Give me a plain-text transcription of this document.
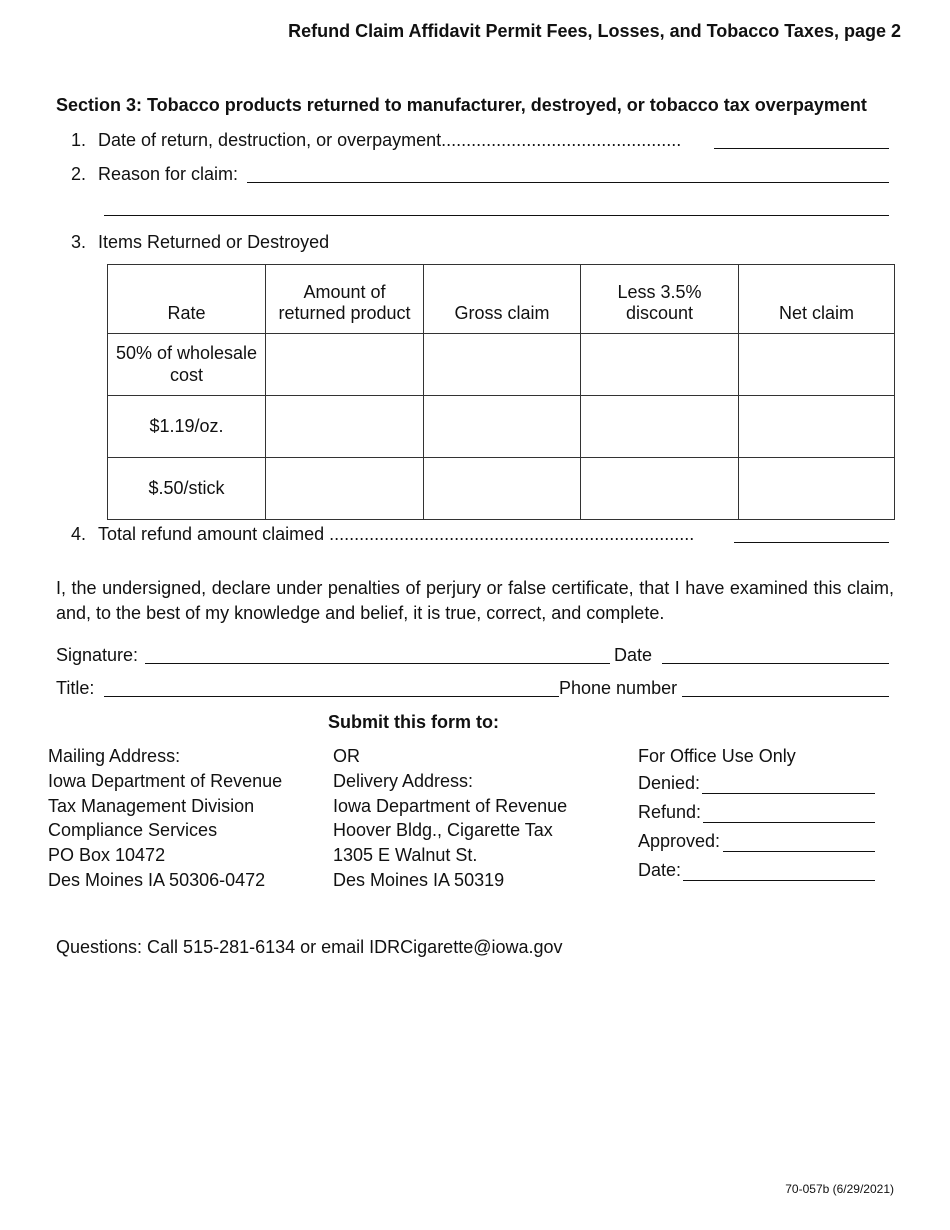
Refund Claim Affidavit Permit Fees, Losses, and Tobacco Taxes, page 2
Section 3: Tobacco products returned to manufacturer, destroyed, or tobacco tax overpayment
1. Date of return, destruction, or overpayment................................................
2. Reason for claim:
3. Items Returned or Destroyed
Rate	Amount of returned product	Gross claim	Less 3.5% discount	Net claim
50% of wholesale cost				
$1.19/oz.				
$.50/stick				
4. Total refund amount claimed .........................................................................
I, the undersigned, declare under penalties of perjury or false certificate, that I have examined this claim, and, to the best of my knowledge and belief, it is true, correct, and complete.
Signature:	Date
Title:	Phone number
Submit this form to:
Mailing Address:
Iowa Department of Revenue
Tax Management Division
Compliance Services
PO Box 10472
Des Moines IA 50306-0472
OR
Delivery Address:
Iowa Department of Revenue
Hoover Bldg., Cigarette Tax
1305 E Walnut St.
Des Moines IA 50319
For Office Use Only
Denied:
Refund:
Approved:
Date:
Questions: Call 515-281-6134 or email IDRCigarette@iowa.gov
70-057b (6/29/2021)
